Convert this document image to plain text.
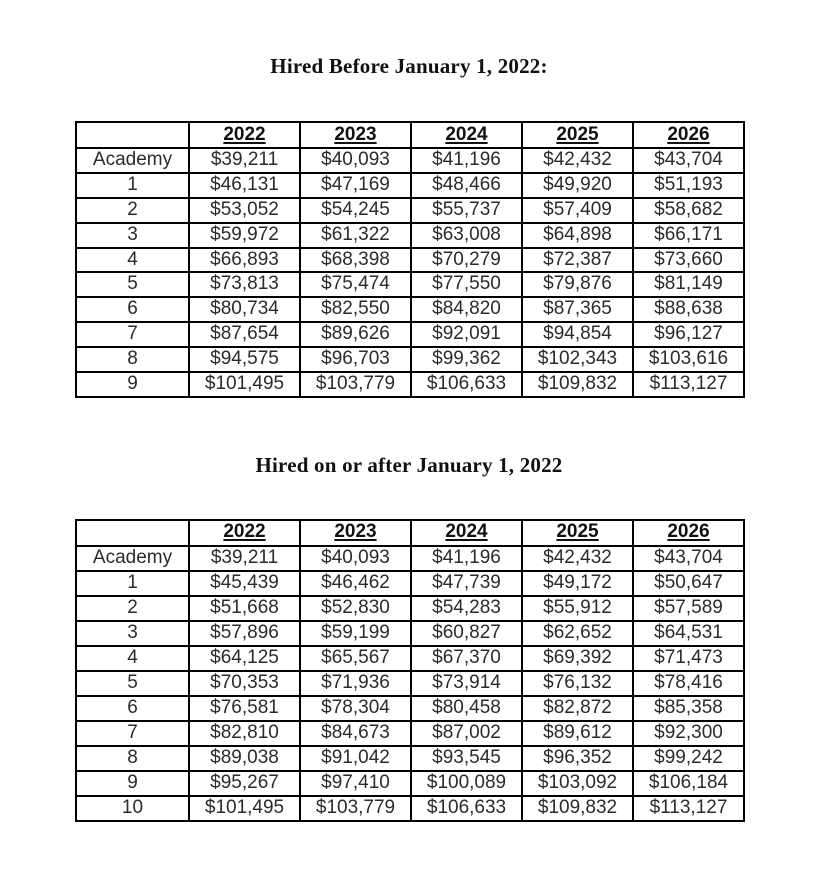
Hired Before January 1, 2022:
	2022	2023	2024	2025	2026
Academy	$39,211	$40,093	$41,196	$42,432	$43,704
1	$46,131	$47,169	$48,466	$49,920	$51,193
2	$53,052	$54,245	$55,737	$57,409	$58,682
3	$59,972	$61,322	$63,008	$64,898	$66,171
4	$66,893	$68,398	$70,279	$72,387	$73,660
5	$73,813	$75,474	$77,550	$79,876	$81,149
6	$80,734	$82,550	$84,820	$87,365	$88,638
7	$87,654	$89,626	$92,091	$94,854	$96,127
8	$94,575	$96,703	$99,362	$102,343	$103,616
9	$101,495	$103,779	$106,633	$109,832	$113,127
Hired on or after January 1, 2022
	2022	2023	2024	2025	2026
Academy	$39,211	$40,093	$41,196	$42,432	$43,704
1	$45,439	$46,462	$47,739	$49,172	$50,647
2	$51,668	$52,830	$54,283	$55,912	$57,589
3	$57,896	$59,199	$60,827	$62,652	$64,531
4	$64,125	$65,567	$67,370	$69,392	$71,473
5	$70,353	$71,936	$73,914	$76,132	$78,416
6	$76,581	$78,304	$80,458	$82,872	$85,358
7	$82,810	$84,673	$87,002	$89,612	$92,300
8	$89,038	$91,042	$93,545	$96,352	$99,242
9	$95,267	$97,410	$100,089	$103,092	$106,184
10	$101,495	$103,779	$106,633	$109,832	$113,127
